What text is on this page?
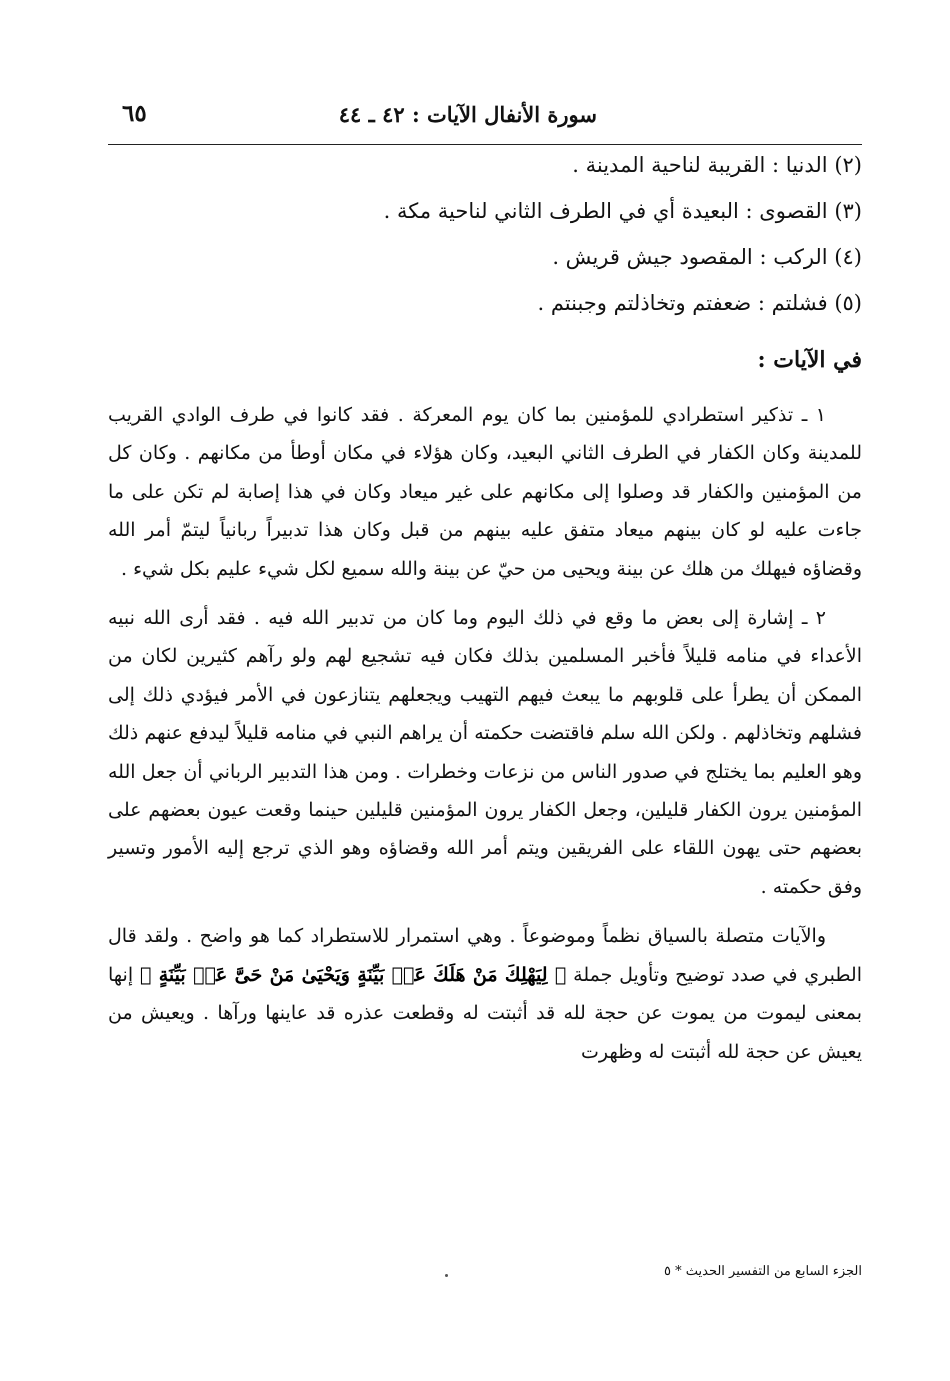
سورة الأنفال الآيات : ٤٢ ـ ٤٤
٦٥
(٢) الدنيا : القريبة لناحية المدينة .
(٣) القصوى : البعيدة أي في الطرف الثاني لناحية مكة .
(٤) الركب : المقصود جيش قريش .
(٥) فشلتم : ضعفتم وتخاذلتم وجبنتم .
في الآيات :

١ ـ تذكير استطرادي للمؤمنين بما كان يوم المعركة . فقد كانوا في طرف الوادي القريب للمدينة وكان الكفار في الطرف الثاني البعيد، وكان هؤلاء في مكان أوطأ من مكانهم . وكان كل من المؤمنين والكفار قد وصلوا إلى مكانهم على غير ميعاد وكان في هذا إصابة لم تكن على ما جاءت عليه لو كان بينهم ميعاد متفق عليه بينهم من قبل وكان هذا تدبيراً ربانياً ليتمّ أمر الله وقضاؤه فيهلك من هلك عن بينة ويحيى من حيّ عن بينة والله سميع لكل شيء عليم بكل شيء .

٢ ـ إشارة إلى بعض ما وقع في ذلك اليوم وما كان من تدبير الله فيه . فقد أرى الله نبيه الأعداء في منامه قليلاً فأخبر المسلمين بذلك فكان فيه تشجيع لهم ولو رآهم كثيرين لكان من الممكن أن يطرأ على قلوبهم ما يبعث فيهم التهيب ويجعلهم يتنازعون في الأمر فيؤدي ذلك إلى فشلهم وتخاذلهم . ولكن الله سلم فاقتضت حكمته أن يراهم النبي في منامه قليلاً ليدفع عنهم ذلك وهو العليم بما يختلج في صدور الناس من نزعات وخطرات . ومن هذا التدبير الرباني أن جعل الله المؤمنين يرون الكفار قليلين، وجعل الكفار يرون المؤمنين قليلين حينما وقعت عيون بعضهم على بعضهم حتى يهون اللقاء على الفريقين ويتم أمر الله وقضاؤه وهو الذي ترجع إليه الأمور وتسير وفق حكمته .

والآيات متصلة بالسياق نظماً وموضوعاً . وهي استمرار للاستطراد كما هو واضح . ولقد قال الطبري في صدد توضيح وتأويل جملة ﴿ لِيَهْلِكَ مَنْ هَلَكَ عَنۢ بَيِّنَةٍ وَيَحْيَىٰ مَنْ حَىَّ عَنۢ بَيِّنَةٍ ﴾ إنها بمعنى ليموت من يموت عن حجة لله قد أثبتت له وقطعت عذره قد عاينها ورآها . ويعيش من يعيش عن حجة لله أثبتت له وظهرت

الجزء السابع من التفسير الحديث * ٥
